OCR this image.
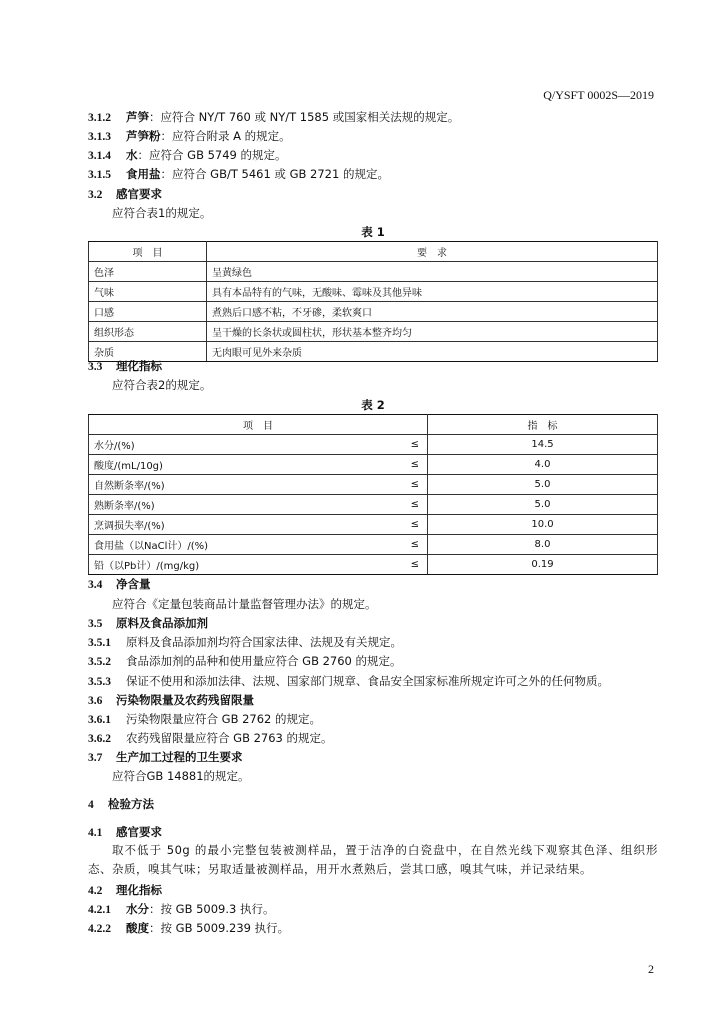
Q/YSFT 0002S—2019
3.1.2 芦笋：应符合 NY/T 760 或 NY/T 1585 或国家相关法规的规定。
3.1.3 芦笋粉：应符合附录 A 的规定。
3.1.4 水：应符合 GB 5749 的规定。
3.1.5 食用盐：应符合 GB/T 5461 或 GB 2721 的规定。
3.2 感官要求
应符合表1的规定。
表 1
项　目	要　求
色泽	呈黄绿色
气味	具有本品特有的气味，无酸味、霉味及其他异味
口感	煮熟后口感不粘，不牙碜，柔软爽口
组织形态	呈干燥的长条状或圆柱状，形状基本整齐均匀
杂质	无肉眼可见外来杂质
3.3 理化指标
应符合表2的规定。
表 2
项　目		指　标
水分/(%)	≤	14.5
酸度/(mL/10g)	≤	4.0
自然断条率/(%)	≤	5.0
熟断条率/(%)	≤	5.0
烹调损失率/(%)	≤	10.0
食用盐（以NaCl计）/(%)	≤	8.0
铅（以Pb计）/(mg/kg)	≤	0.19
3.4 净含量
应符合《定量包装商品计量监督管理办法》的规定。
3.5 原料及食品添加剂
3.5.1 原料及食品添加剂均符合国家法律、法规及有关规定。
3.5.2 食品添加剂的品种和使用量应符合 GB 2760 的规定。
3.5.3 保证不使用和添加法律、法规、国家部门规章、食品安全国家标准所规定许可之外的任何物质。
3.6 污染物限量及农药残留限量
3.6.1 污染物限量应符合 GB 2762 的规定。
3.6.2 农药残留限量应符合 GB 2763 的规定。
3.7 生产加工过程的卫生要求
应符合GB 14881的规定。
4 检验方法
4.1 感官要求
取不低于 50g 的最小完整包装被测样品，置于洁净的白瓷盘中，在自然光线下观察其色泽、组织形态、杂质，嗅其气味；另取适量被测样品，用开水煮熟后，尝其口感，嗅其气味，并记录结果。
4.2 理化指标
4.2.1 水分：按 GB 5009.3 执行。
4.2.2 酸度：按 GB 5009.239 执行。
2
